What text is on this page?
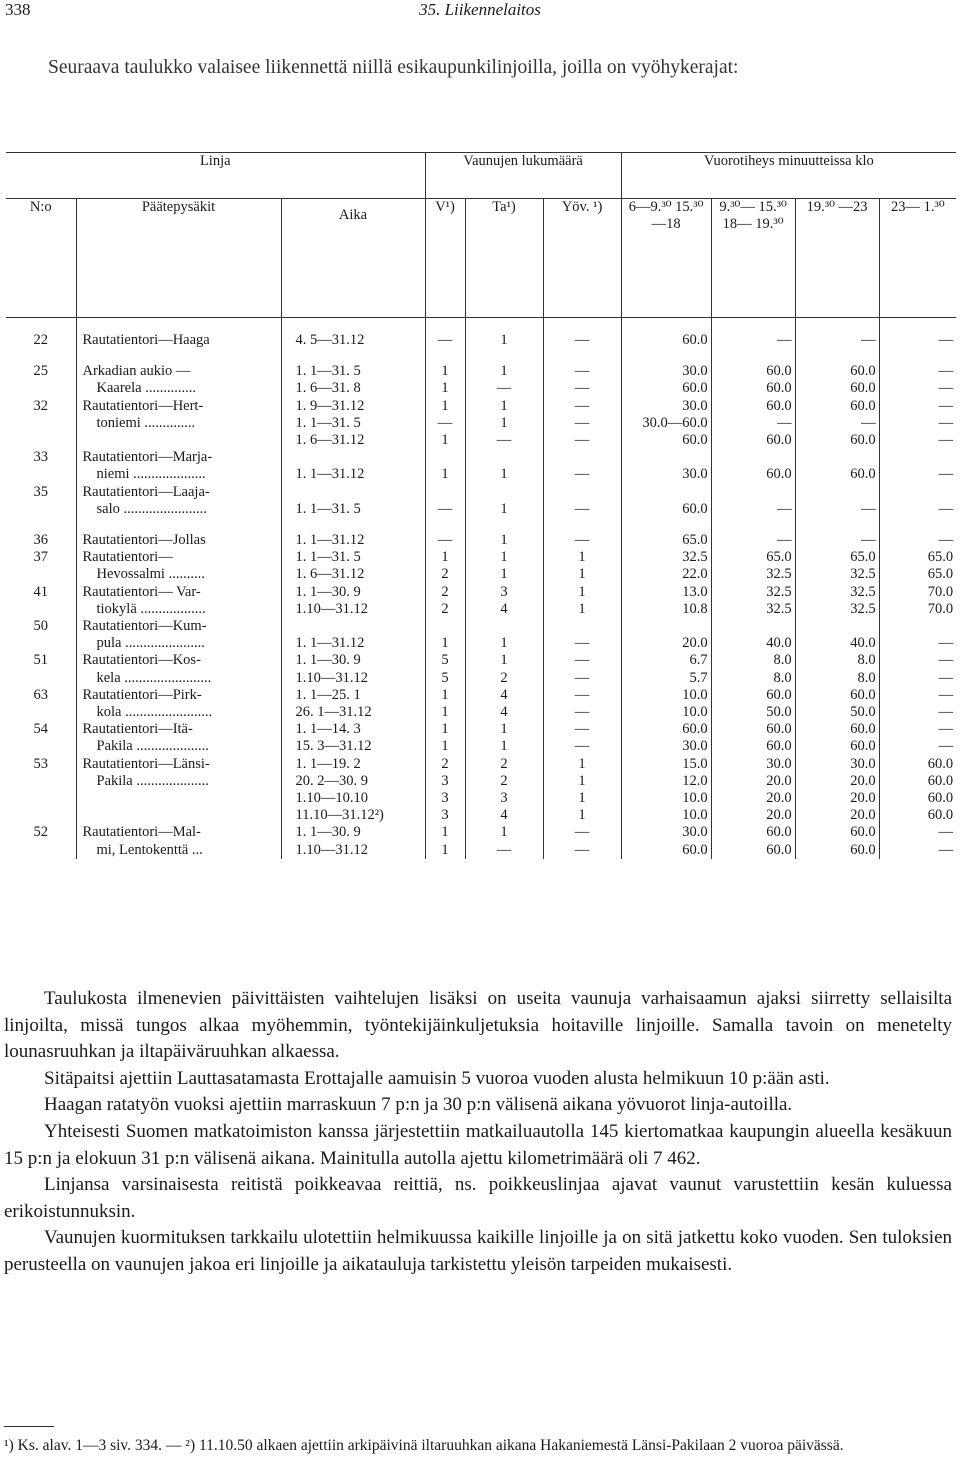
338	35. Liikennelaitos
Seuraava taulukko valaisee liikennettä niillä esikaupunkilinjoilla, joilla on vyöhykerajat:
Linja			Vaunujen lukumäärä			Vuorotiheys minuutteissa klo			
N:o	Päätepysäkit	Aika	V¹)	Ta¹)	Yöv. ¹)	6—9.³⁰ 15.³⁰ —18	9.³⁰— 15.³⁰ 18— 19.³⁰	19.³⁰ —23	23— 1.³⁰

22	Rautatientori—Haaga	4. 5—31.12	—	1	—	60.0	—	—	—

25	Arkadian aukio —	1. 1—31. 5	1	1	—	30.0	60.0	60.0	—
	Kaarela ..............	1. 6—31. 8	1	—	—	60.0	60.0	60.0	—
32	Rautatientori—Hert-	1. 9—31.12	1	1	—	30.0	60.0	60.0	—
	toniemi ..............	1. 1—31. 5	—	1	—	30.0—60.0	—	—	—
		1. 6—31.12	1	—	—	60.0	60.0	60.0	—
33	Rautatientori—Marja-								
	niemi ....................	1. 1—31.12	1	1	—	30.0	60.0	60.0	—
35	Rautatientori—Laaja-								
	salo .......................	1. 1—31. 5	—	1	—	60.0	—	—	—

36	Rautatientori—Jollas	1. 1—31.12	—	1	—	65.0	—	—	—
37	Rautatientori—	1. 1—31. 5	1	1	1	32.5	65.0	65.0	65.0
	Hevossalmi ..........	1. 6—31.12	2	1	1	22.0	32.5	32.5	65.0
41	Rautatientori— Var-	1. 1—30. 9	2	3	1	13.0	32.5	32.5	70.0
	tiokylä ..................	1.10—31.12	2	4	1	10.8	32.5	32.5	70.0
50	Rautatientori—Kum-								
	pula ......................	1. 1—31.12	1	1	—	20.0	40.0	40.0	—
51	Rautatientori—Kos-	1. 1—30. 9	5	1	—	6.7	8.0	8.0	—
	kela ........................	1.10—31.12	5	2	—	5.7	8.0	8.0	—
63	Rautatientori—Pirk-	1. 1—25. 1	1	4	—	10.0	60.0	60.0	—
	kola ........................	26. 1—31.12	1	4	—	10.0	50.0	50.0	—
54	Rautatientori—Itä-	1. 1—14. 3	1	1	—	60.0	60.0	60.0	—
	Pakila ....................	15. 3—31.12	1	1	—	30.0	60.0	60.0	—
53	Rautatientori—Länsi-	1. 1—19. 2	2	2	1	15.0	30.0	30.0	60.0
	Pakila ....................	20. 2—30. 9	3	2	1	12.0	20.0	20.0	60.0
		1.10—10.10	3	3	1	10.0	20.0	20.0	60.0
		11.10—31.12²)	3	4	1	10.0	20.0	20.0	60.0
52	Rautatientori—Mal-	1. 1—30. 9	1	1	—	30.0	60.0	60.0	—
	mi, Lentokenttä ...	1.10—31.12	1	—	—	60.0	60.0	60.0	—

Taulukosta ilmenevien päivittäisten vaihtelujen lisäksi on useita vaunuja varhaisaamun ajaksi siirretty sellaisilta linjoilta, missä tungos alkaa myöhemmin, työntekijäinkuljetuksia hoitaville linjoille. Samalla tavoin on menetelty lounasruuhkan ja iltapäiväruuhkan alkaessa.

Sitäpaitsi ajettiin Lauttasatamasta Erottajalle aamuisin 5 vuoroa vuoden alusta helmikuun 10 p:ään asti.

Haagan ratatyön vuoksi ajettiin marraskuun 7 p:n ja 30 p:n välisenä aikana yövuorot linja-autoilla.

Yhteisesti Suomen matkatoimiston kanssa järjestettiin matkailuautolla 145 kiertomatkaa kaupungin alueella kesäkuun 15 p:n ja elokuun 31 p:n välisenä aikana. Mainitulla autolla ajettu kilometrimäärä oli 7 462.

Linjansa varsinaisesta reitistä poikkeavaa reittiä, ns. poikkeuslinjaa ajavat vaunut varustettiin kesän kuluessa erikoistunnuksin.

Vaunujen kuormituksen tarkkailu ulotettiin helmikuussa kaikille linjoille ja on sitä jatkettu koko vuoden. Sen tuloksien perusteella on vaunujen jakoa eri linjoille ja aikatauluja tarkistettu yleisön tarpeiden mukaisesti.

¹) Ks. alav. 1—3 siv. 334. — ²) 11.10.50 alkaen ajettiin arkipäivinä iltaruuhkan aikana Hakaniemestä Länsi-Pakilaan 2 vuoroa päivässä.
